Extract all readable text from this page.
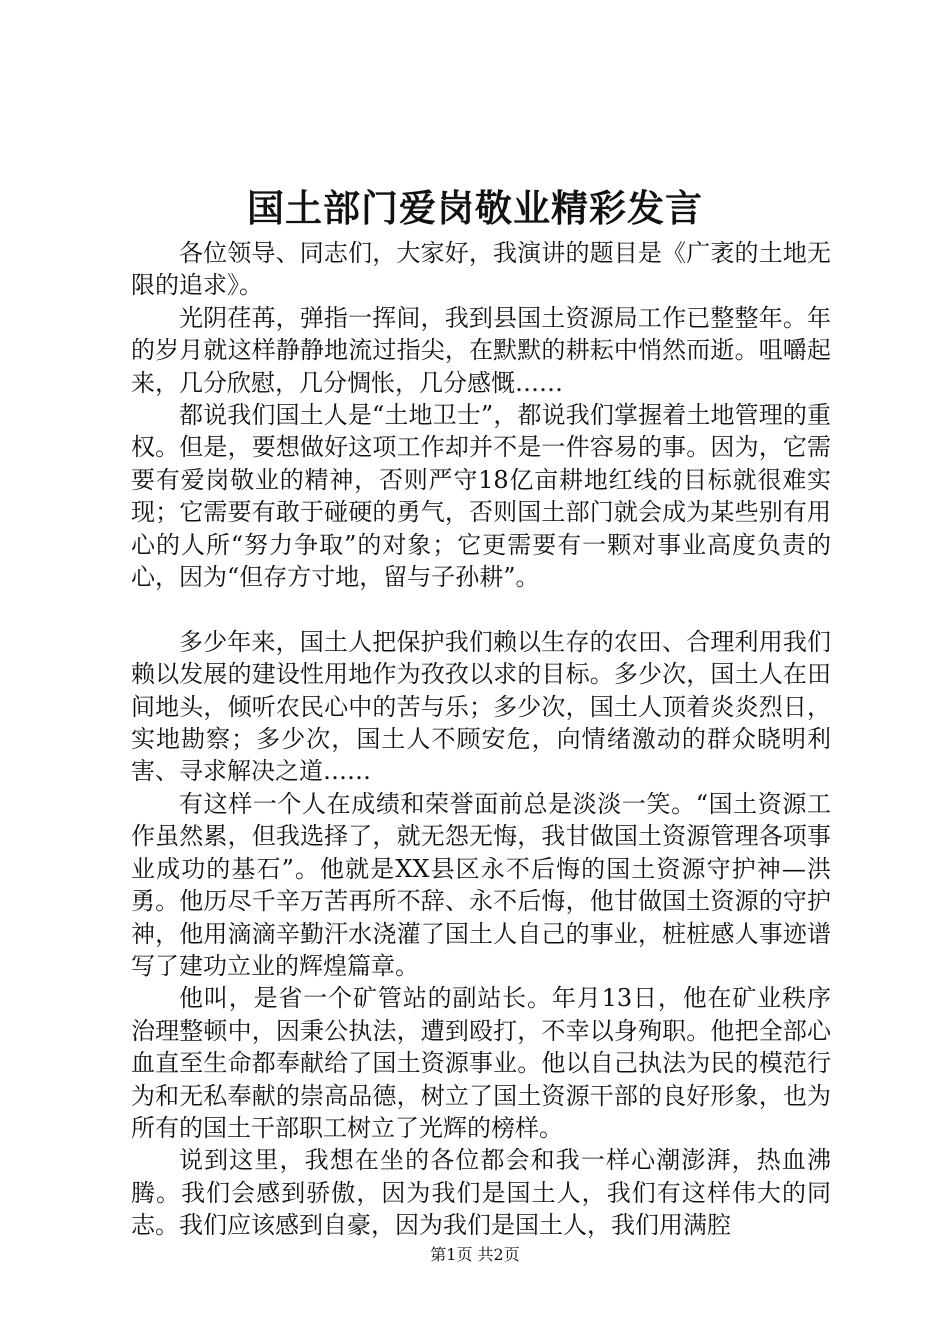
国土部门爱岗敬业精彩发言

各位领导、同志们，大家好，我演讲的题目是《广袤的土地无限的追求》。

光阴荏苒，弹指一挥间，我到县国土资源局工作已整整年。年的岁月就这样静静地流过指尖，在默默的耕耘中悄然而逝。咀嚼起来，几分欣慰，几分惆怅，几分感慨……

都说我们国土人是“土地卫士”，都说我们掌握着土地管理的重权。但是，要想做好这项工作却并不是一件容易的事。因为，它需要有爱岗敬业的精神，否则严守18亿亩耕地红线的目标就很难实现；它需要有敢于碰硬的勇气，否则国土部门就会成为某些别有用心的人所“努力争取”的对象；它更需要有一颗对事业高度负责的心，因为“但存方寸地，留与子孙耕”。

多少年来，国土人把保护我们赖以生存的农田、合理利用我们赖以发展的建设性用地作为孜孜以求的目标。多少次，国土人在田间地头，倾听农民心中的苦与乐；多少次，国土人顶着炎炎烈日，实地勘察；多少次，国土人不顾安危，向情绪激动的群众晓明利害、寻求解决之道……

有这样一个人在成绩和荣誉面前总是淡淡一笑。“国土资源工作虽然累，但我选择了，就无怨无悔，我甘做国土资源管理各项事业成功的基石”。他就是XX县区永不后悔的国土资源守护神—洪勇。他历尽千辛万苦再所不辞、永不后悔，他甘做国土资源的守护神，他用滴滴辛勤汗水浇灌了国土人自己的事业，桩桩感人事迹谱写了建功立业的辉煌篇章。

他叫，是省一个矿管站的副站长。年月13日，他在矿业秩序治理整顿中，因秉公执法，遭到殴打，不幸以身殉职。他把全部心血直至生命都奉献给了国土资源事业。他以自己执法为民的模范行为和无私奉献的崇高品德，树立了国土资源干部的良好形象，也为所有的国土干部职工树立了光辉的榜样。

说到这里，我想在坐的各位都会和我一样心潮澎湃，热血沸腾。我们会感到骄傲，因为我们是国土人，我们有这样伟大的同志。我们应该感到自豪，因为我们是国土人，我们用满腔

第1页 共2页
